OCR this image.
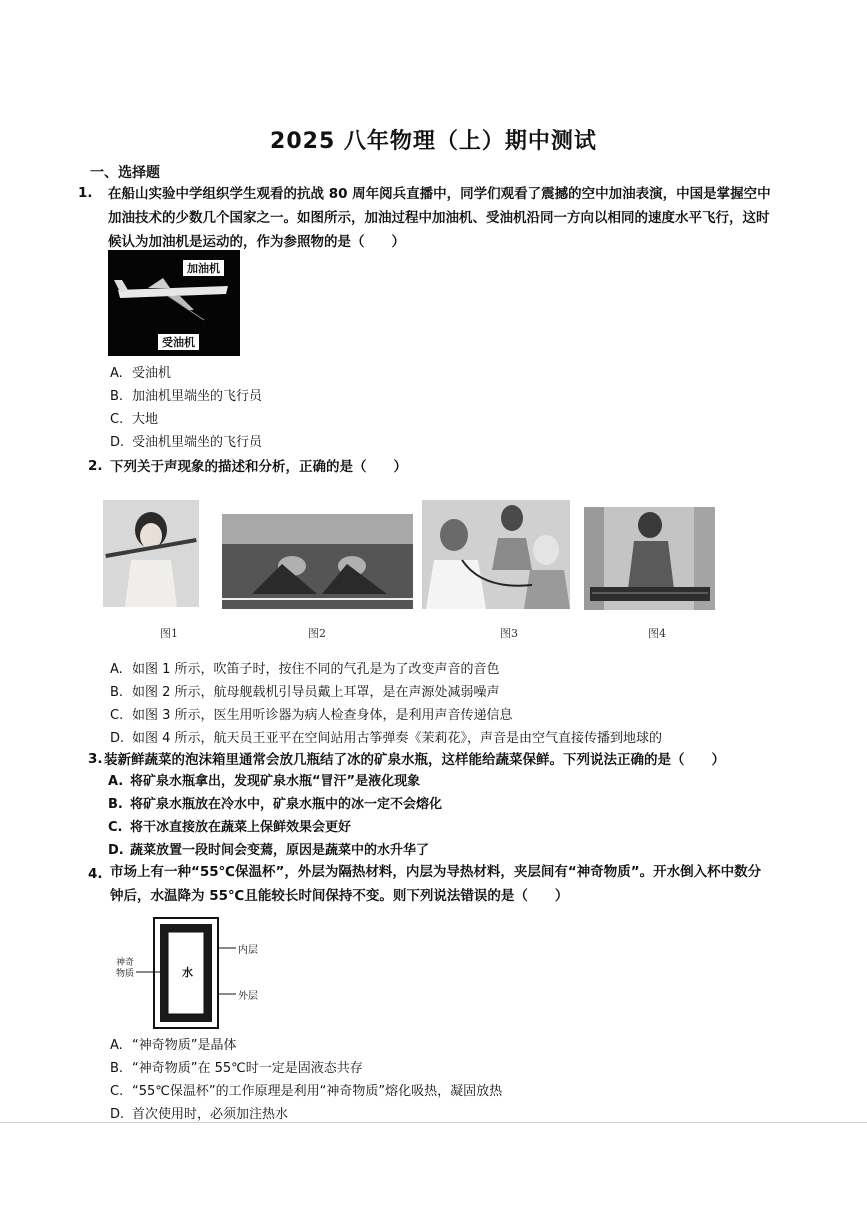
2025 八年物理（上）期中测试
一、选择题
1. 在船山实验中学组织学生观看的抗战 80 周年阅兵直播中，同学们观看了震撼的空中加油表演，中国是掌握空中
加油技术的少数几个国家之一。如图所示，加油过程中加油机、受油机沿同一方向以相同的速度水平飞行，这时
候认为加油机是运动的，作为参照物的是（　　）
加油机
受油机
A. 受油机
B. 加油机里端坐的飞行员
C. 大地
D. 受油机里端坐的飞行员
2. 下列关于声现象的描述和分析，正确的是（　　）
图1	图2	图3	图4
A. 如图 1 所示，吹笛子时，按住不同的气孔是为了改变声音的音色
B. 如图 2 所示，航母舰载机引导员戴上耳罩，是在声源处减弱噪声
C. 如图 3 所示，医生用听诊器为病人检查身体，是利用声音传递信息
D. 如图 4 所示，航天员王亚平在空间站用古筝弹奏《茉莉花》，声音是由空气直接传播到地球的
3. 装新鲜蔬菜的泡沫箱里通常会放几瓶结了冰的矿泉水瓶，这样能给蔬菜保鲜。下列说法正确的是（　　）
A. 将矿泉水瓶拿出，发现矿泉水瓶“冒汗”是液化现象
B. 将矿泉水瓶放在冷水中，矿泉水瓶中的冰一定不会熔化
C. 将干冰直接放在蔬菜上保鲜效果会更好
D. 蔬菜放置一段时间会变蔫，原因是蔬菜中的水升华了
4. 市场上有一种“55℃保温杯”，外层为隔热材料，内层为导热材料，夹层间有“神奇物质”。开水倒入杯中数分
钟后，水温降为 55℃且能较长时间保持不变。则下列说法错误的是（　　）
水
内层
外层
神奇
物质
A. “神奇物质”是晶体
B. “神奇物质”在 55℃时一定是固液态共存
C. “55℃保温杯”的工作原理是利用“神奇物质”熔化吸热，凝固放热
D. 首次使用时，必须加注热水
